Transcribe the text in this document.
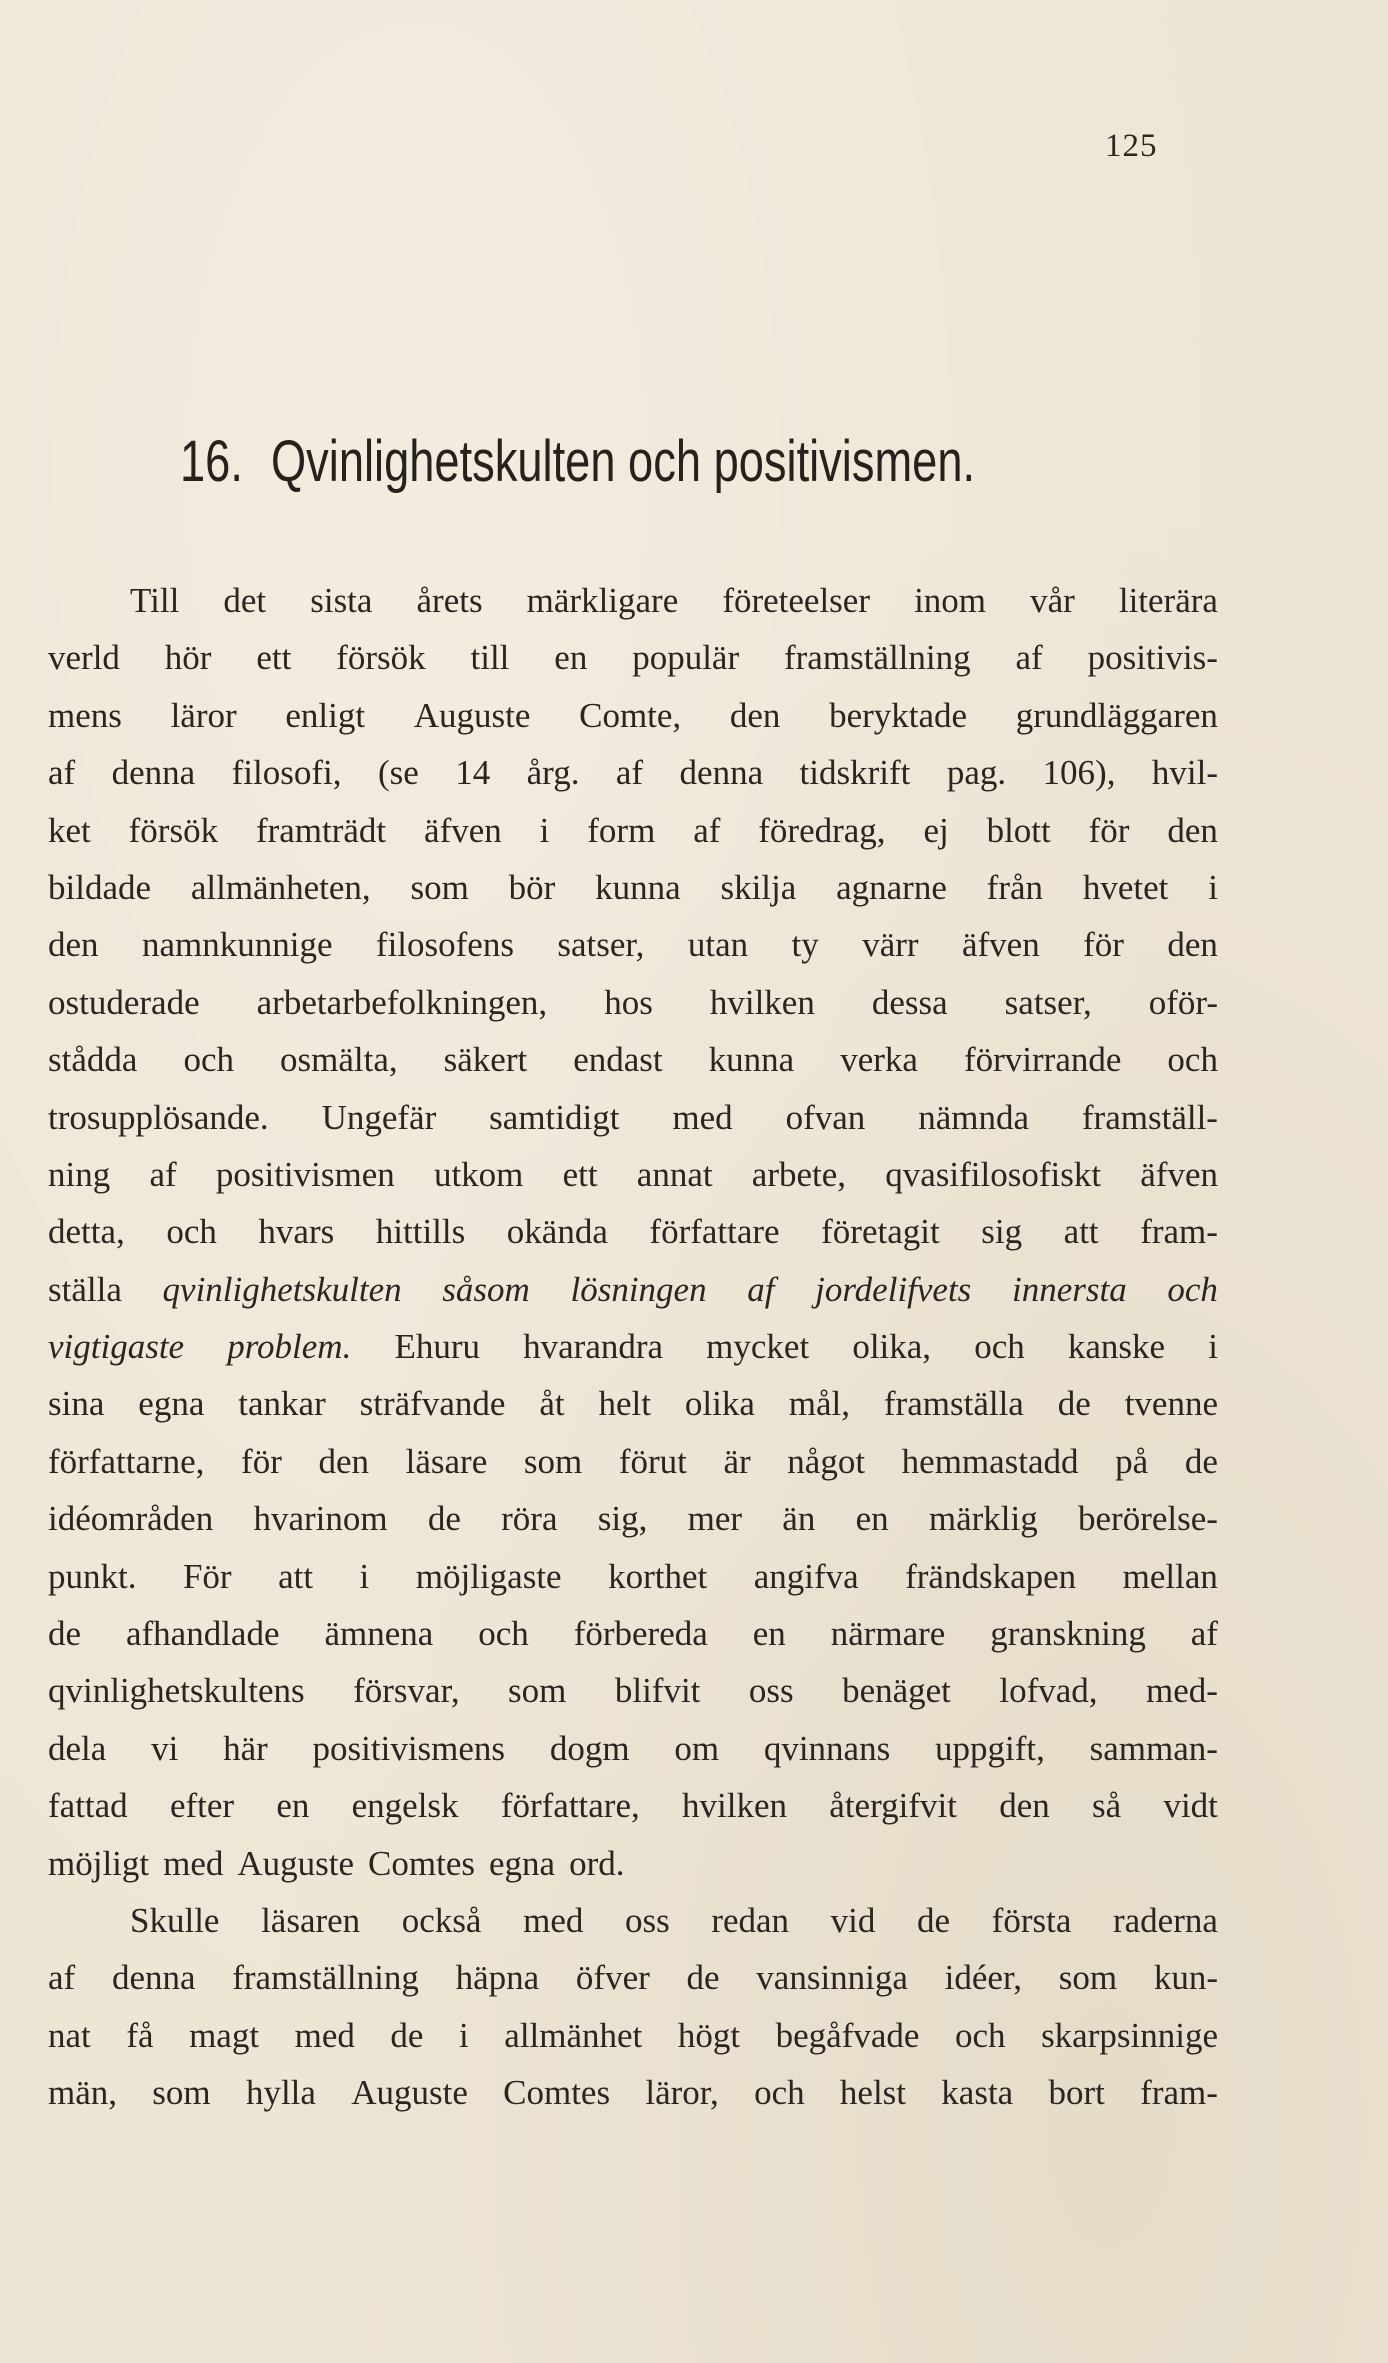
125
16. Qvinlighetskulten och positivismen.
Till det sista årets märkligare företeelser inom vår literära
verld hör ett försök till en populär framställning af positivis-
mens läror enligt Auguste Comte, den beryktade grundläggaren
af denna filosofi, (se 14 årg. af denna tidskrift pag. 106), hvil-
ket försök framträdt äfven i form af föredrag, ej blott för den
bildade allmänheten, som bör kunna skilja agnarne från hvetet i
den namnkunnige filosofens satser, utan ty värr äfven för den
ostuderade arbetarbefolkningen, hos hvilken dessa satser, oför-
stådda och osmälta, säkert endast kunna verka förvirrande och
trosupplösande. Ungefär samtidigt med ofvan nämnda framställ-
ning af positivismen utkom ett annat arbete, qvasifilosofiskt äfven
detta, och hvars hittills okända författare företagit sig att fram-
ställa qvinlighetskulten såsom lösningen af jordelifvets innersta och
vigtigaste problem. Ehuru hvarandra mycket olika, och kanske i
sina egna tankar sträfvande åt helt olika mål, framställa de tvenne
författarne, för den läsare som förut är något hemmastadd på de
idéområden hvarinom de röra sig, mer än en märklig berörelse-
punkt. För att i möjligaste korthet angifva frändskapen mellan
de afhandlade ämnena och förbereda en närmare granskning af
qvinlighetskultens försvar, som blifvit oss benäget lofvad, med-
dela vi här positivismens dogm om qvinnans uppgift, samman-
fattad efter en engelsk författare, hvilken återgifvit den så vidt
möjligt med Auguste Comtes egna ord.
Skulle läsaren också med oss redan vid de första raderna
af denna framställning häpna öfver de vansinniga idéer, som kun-
nat få magt med de i allmänhet högt begåfvade och skarpsinnige
män, som hylla Auguste Comtes läror, och helst kasta bort fram-
